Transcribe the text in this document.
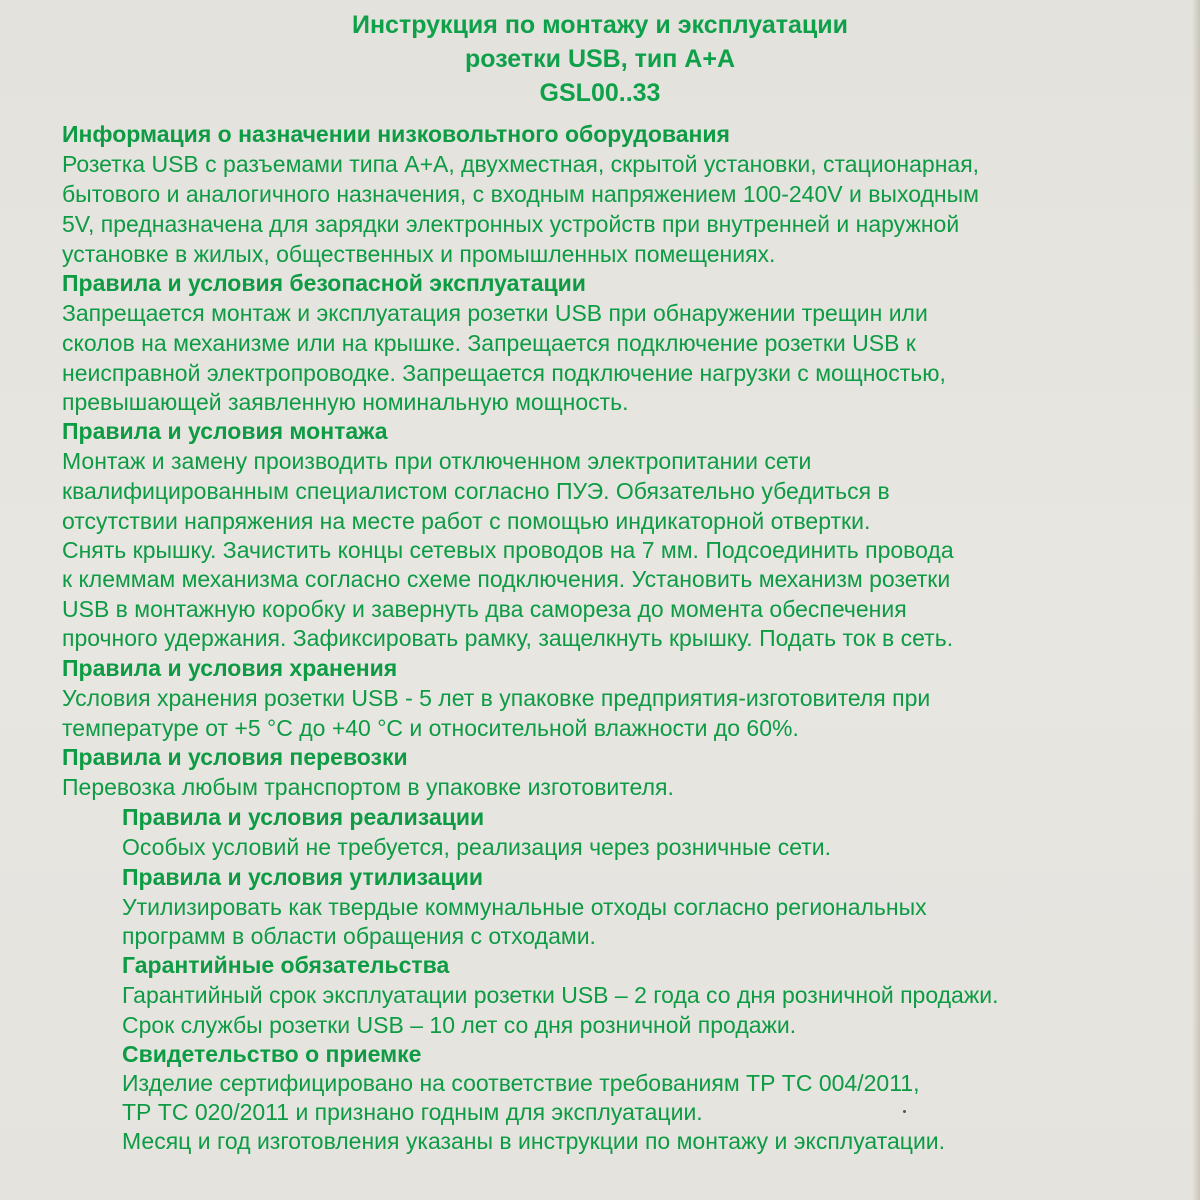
Инструкция по монтажу и эксплуатации
розетки USB, тип А+А
GSL00..33
Информация о назначении низковольтного оборудования
Розетка USB с разъемами типа А+А, двухместная, скрытой установки, стационарная,
бытового и аналогичного назначения, с входным напряжением 100-240V и выходным
5V, предназначена для зарядки электронных устройств при внутренней и наружной
установке в жилых, общественных и промышленных помещениях.
Правила и условия безопасной эксплуатации
Запрещается монтаж и эксплуатация розетки USB при обнаружении трещин или
сколов на механизме или на крышке. Запрещается подключение розетки USB к
неисправной электропроводке. Запрещается подключение нагрузки с мощностью,
превышающей заявленную номинальную мощность.
Правила и условия монтажа
Монтаж и замену производить при отключенном электропитании сети
квалифицированным специалистом согласно ПУЭ. Обязательно убедиться в
отсутствии напряжения на месте работ с помощью индикаторной отвертки.
Снять крышку. Зачистить концы сетевых проводов на 7 мм. Подсоединить провода
к клеммам механизма согласно схеме подключения. Установить механизм розетки
USB в монтажную коробку и завернуть два самореза до момента обеспечения
прочного удержания. Зафиксировать рамку, защелкнуть крышку. Подать ток в сеть.
Правила и условия хранения
Условия хранения розетки USB - 5 лет в упаковке предприятия-изготовителя при
температуре от +5 °С до +40 °С и относительной влажности до 60%.
Правила и условия перевозки
Перевозка любым транспортом в упаковке изготовителя.
Правила и условия реализации
Особых условий не требуется, реализация через розничные сети.
Правила и условия утилизации
Утилизировать как твердые коммунальные отходы согласно региональных
программ в области обращения с отходами.
Гарантийные обязательства
Гарантийный срок эксплуатации розетки USB – 2 года со дня розничной продажи.
Срок службы розетки USB – 10 лет со дня розничной продажи.
Свидетельство о приемке
Изделие сертифицировано на соответствие требованиям ТР ТС 004/2011,
ТР ТС 020/2011 и признано годным для эксплуатации.
Месяц и год изготовления указаны в инструкции по монтажу и эксплуатации.
